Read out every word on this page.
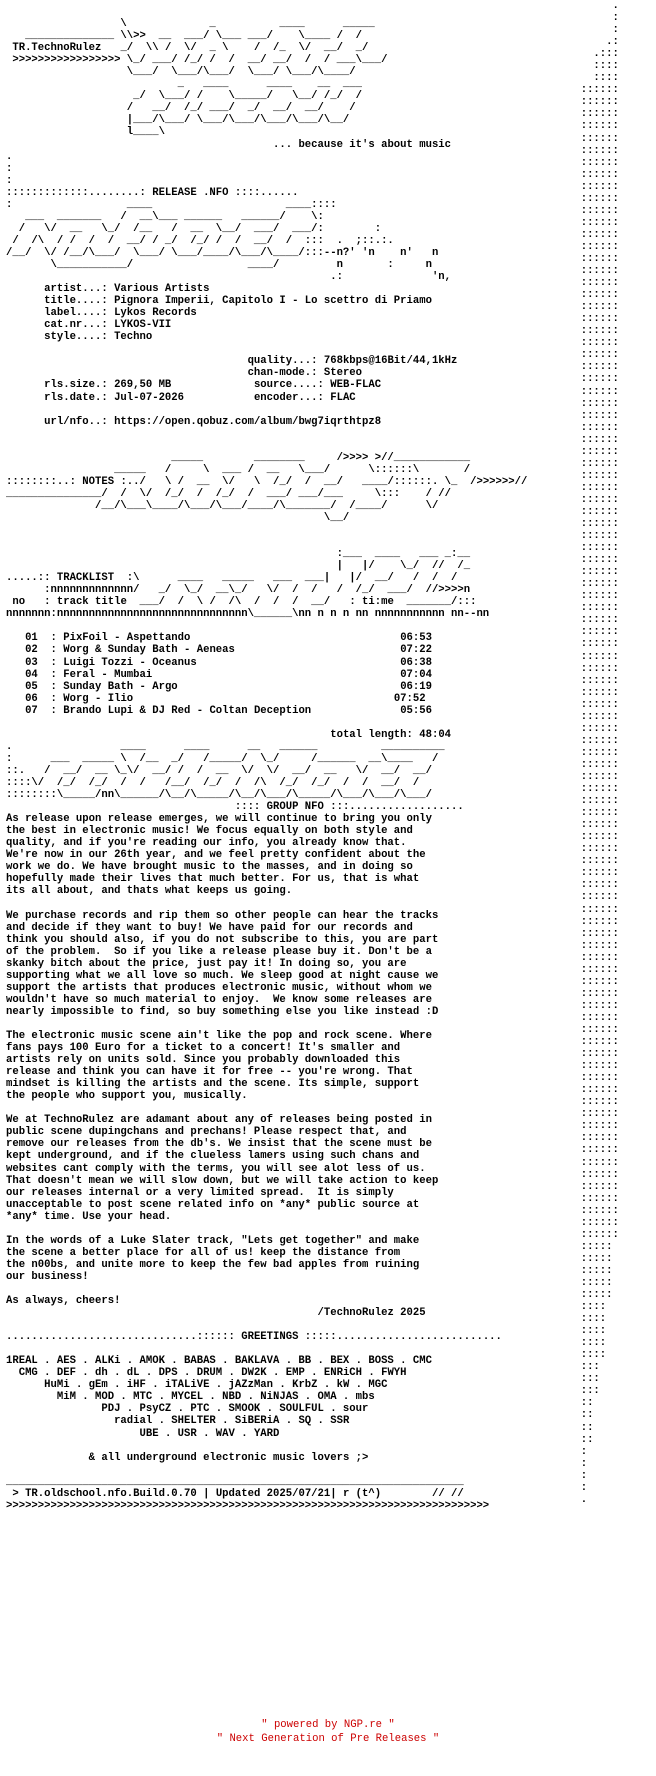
\             _          ____      _____
______________ \\>>  __  ___/ \___ ___/    \____ /  /
TR.TechnoRulez   _/  \\ /  \/  _ \    /  /_  \/  __/  _/
>>>>>>>>>>>>>>>>> \_/ ___/ /_/ /  /  __/ __/  /  / ___\___/
\___/  \___/\___/  \___/ \___/\____/
_   ____      ____    __  ___
_/  \___/ /    \_____/   \__/ /_/  /
/   __/  /_/ ___/  _/  __/  __/    /
|___/\___/ \___/\___/\___/\___/\__/
l____\
... because it's about music

.
:
:
:::::::::::::........: RELEASE .NFO ::::......
:                  ____                     ____::::
___  _______   /  __\___ ______   ______/    \:
/   \/  __   \_/  /__   /  __  \__/  ___/  ___/:        :
/  /\  / /  /  /  __/ / _/  /_/ /  /  __/  /  :::  .  ;::.:.
/__/  \/ /__/\___/  \___/ \___/____/\___/\____/:::--n?' 'n    n'   n
\___________/                  ____/         n       :     n
.:              'n,

artist...: Various Artists
title....: Pignora Imperii, Capitolo I - Lo scettro di Priamo
label....: Lykos Records
cat.nr...: LYKOS-VII
style....: Techno

quality...: 768kbps@16Bit/44,1kHz
chan-mode.: Stereo
rls.size.: 269,50 MB             source....: WEB-FLAC
rls.date.: Jul-07-2026           encoder...: FLAC

url/nfo..: https://open.qobuz.com/album/bwg7iqrthtpz8

_____        ________     />>>> >//____________
_____   /     \  ___ /  __   \___/      \::::::\       /
::::::::..: NOTES :../   \ /  __  \/   \  /_/  /  __/   ____/::::::. \_  />>>>>>//
_______________/  /  \/  /_/  /  /_/  /  ___/ ___/___     \:::    / //
/__/\___\____/\___/\___/____/\_______/  /____/      \/
\__/

:___  ____   ___ _:__
|   |/    \_/  //  /_

.....:: TRACKLIST  :\      ____   _____   ___  ___|   |/  __/   /  /  /
:nnnnnnnnnnnnn/   _/  \_/  __\_/   \/  /  /   /  /_/  ___/  //>>>>n
no   : track title  ___/  /  \ /  /\  /  /  /  __/   : ti:me  _______/:::
nnnnnnn:nnnnnnnnnnnnnnnnnnnnnnnnnnnnnn\______\nn n n n nn nnnnnnnnnnn nn--nn

01  : PixFoil - Aspettando	06:53
02  : Worg & Sunday Bath - Aeneas	07:22
03  : Luigi Tozzi - Oceanus	06:38
04  : Feral - Mumbai	07:04
05  : Sunday Bath - Argo	06:19
06  : Worg - Ilio	07:52
07  : Brando Lupi & DJ Red - Coltan Deception	05:56

total length: 48:04

.                 ____      ____      __   ______          __________
:      ___  _____ \  /__  _/   /_____/  \_/     /______  __\____   /
::.   /  __/  __ \_\/  __/ /  /  __  \/  \/  __/  __   \/  __/  __/
::::\/  /_/  /_/  /  /   /__/  /_/  /  /\  /_/  /_/  /  /  __/  /
::::::::\_____/nn\______/\__/\_____/\__/\___/\_____/\___/\___/\___/
:::: GROUP NFO :::..................

As release upon release emerges, we will continue to bring you only
the best in electronic music! We focus equally on both style and
quality, and if you're reading our info, you already know that.
We're now in our 26th year, and we feel pretty confident about the
work we do. We have brought music to the masses, and in doing so
hopefully made their lives that much better. For us, that is what
its all about, and thats what keeps us going.

We purchase records and rip them so other people can hear the tracks
and decide if they want to buy! We have paid for our records and
think you should also, if you do not subscribe to this, you are part
of the problem.  So if you like a release please buy it. Don't be a
skanky bitch about the price, just pay it! In doing so, you are
supporting what we all love so much. We sleep good at night cause we
support the artists that produces electronic music, without whom we
wouldn't have so much material to enjoy.  We know some releases are
nearly impossible to find, so buy something else you like instead :D

The electronic music scene ain't like the pop and rock scene. Where
fans pays 100 Euro for a ticket to a concert! It's smaller and
artists rely on units sold. Since you probably downloaded this
release and think you can have it for free -- you're wrong. That
mindset is killing the artists and the scene. Its simple, support
the people who support you, musically.

We at TechnoRulez are adamant about any of releases being posted in
public scene dupingchans and prechans! Please respect that, and
remove our releases from the db's. We insist that the scene must be
kept underground, and if the clueless lamers using such chans and
websites cant comply with the terms, you will see alot less of us.
That doesn't mean we will slow down, but we will take action to keep
our releases internal or a very limited spread.  It is simply
unacceptable to post scene related info on *any* public source at
*any* time. Use your head.

In the words of a Luke Slater track, "Lets get together" and make
the scene a better place for all of us! keep the distance from
the n00bs, and unite more to keep the few bad apples from ruining
our business!

As always, cheers!
/TechnoRulez 2025

..............................:::::: GREETINGS :::::..........................

1REAL . AES . ALKi . AMOK . BABAS . BAKLAVA . BB . BEX . BOSS . CMC
CMG . DEF . dh . dL . DPS . DRUM . DW2K . EMP . ENRiCH . FWYH
HuMi . gEm . iHF . iTALiVE . jAZzMan . KrbZ . kW . MGC
MiM . MOD . MTC . MYCEL . NBD . NiNJAS . OMA . mbs
PDJ . PsyCZ . PTC . SMOOK . SOULFUL . sour
radial . SHELTER . SiBERiA . SQ . SSR
UBE . USR . WAV . YARD

& all underground electronic music lovers ;>

________________________________________________________________________
> TR.oldschool.nfo.Build.0.70 | Updated 2025/07/21| r (t^)        // //
>>>>>>>>>>>>>>>>>>>>>>>>>>>>>>>>>>>>>>>>>>>>>>>>>>>>>>>>>>>>>>>>>>>>>>>>>>>>

.
:
:
.:
.:::
::::
::::
::::::
::::::
::::::
::::::
::::::
::::::
::::::
::::::
::::::
::::::
::::::
::::::
::::::
::::::
::::::
::::::
::::::
::::::
::::::
::::::
::::::
::::::
::::::
::::::
::::::
::::::
::::::
::::::
::::::
::::::
::::::
::::::
::::::
::::::
::::::
::::::
::::::
::::::
::::::
::::::
::::::
::::::
::::::
::::::
::::::
::::::
::::::
::::::
::::::
::::::
::::::
::::::
::::::
::::::
::::::
::::::
::::::
::::::
::::::
::::::
::::::
::::::
::::::
::::::
::::::
::::::
::::::
::::::
::::::
::::::
::::::
::::::
::::::
::::::
::::::
::::::
::::::
::::::
::::::
::::::
::::::
::::::
::::::
::::::
::::::
::::::
::::::
::::::
::::::
::::::
::::::
::::::
::::::
::::::
::::::
::::::
:::::
:::::
:::::
:::::
:::::
::::
::::
::::
::::
::::
:::
:::
:::
::
::
::
::
:
:
:
:
.

" powered by NGP.re "
" Next Generation of Pre Releases "
